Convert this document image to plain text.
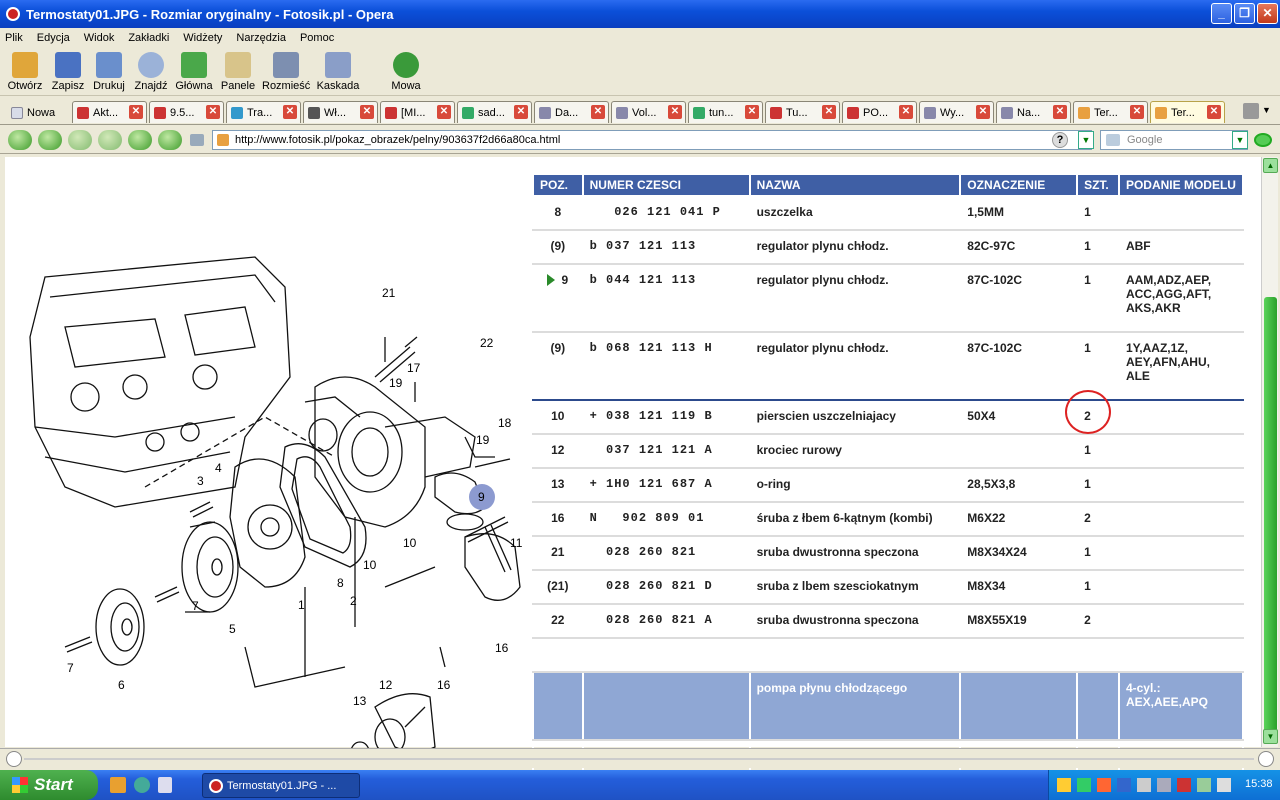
Termostaty01.JPG - Rozmiar oryginalny - Fotosik.pl - Opera	_	❐	✕
Plik Edycja Widok Zakładki Widżety Narzędzia Pomoc
Otwórz Zapisz Drukuj Znajdź Główna Panele Rozmieść Kaskada	Mowa
Nowa	Akt...	✕	9.5...	✕	Tra...	✕	Wł...	✕	[MI...	✕	sad...	✕	Da...	✕	Vol...	✕	tun...	✕	Tu...	✕	PO...	✕	Wy...	✕	Na...	✕	Ter...	✕	Ter...	✕	▼
http://www.fotosik.pl/pokaz_obrazek/pelny/903637f2d66a80ca.html	?	▼	Google	▼
21
17
19
22
18
19
9
11
10
16
8
10
2
1
4
3
5
7
6
7
12
13
16
POZ.	NUMER CZESCI	NAZWA	OZNACZENIE	SZT.	PODANIE MODELU
8	026 121 041 P	uszczelka	1,5MM	1	
(9)	b 037 121 113	regulator plynu chłodz.	82C-97C	1	ABF
9	b 044 121 113	regulator plynu chłodz.	87C-102C	1	AAM,ADZ,AEP, ACC,AGG,AFT, AKS,AKR
(9)	b 068 121 113 H	regulator plynu chłodz.	87C-102C	1	1Y,AAZ,1Z, AEY,AFN,AHU, ALE
10	+ 038 121 119 B	pierscien uszczelniajacy	50X4	2	
12	037 121 121 A	krociec rurowy		1	
13	+ 1H0 121 687 A	o-ring	28,5X3,8	1	
16	N   902 809 01	śruba z łbem 6-kątnym (kombi)	M6X22	2	
21	028 260 821	sruba dwustronna speczona	M8X34X24	1	
(21)	028 260 821 D	sruba z lbem szesciokatnym	M8X34	1	
22	028 260 821 A	sruba dwustronna speczona	M8X55X19	2	

		pompa płynu chłodzącego			4-cyl.: AEX,AEE,APQ

▲
▼
Start	Termostaty01.JPG - ...	15:38
